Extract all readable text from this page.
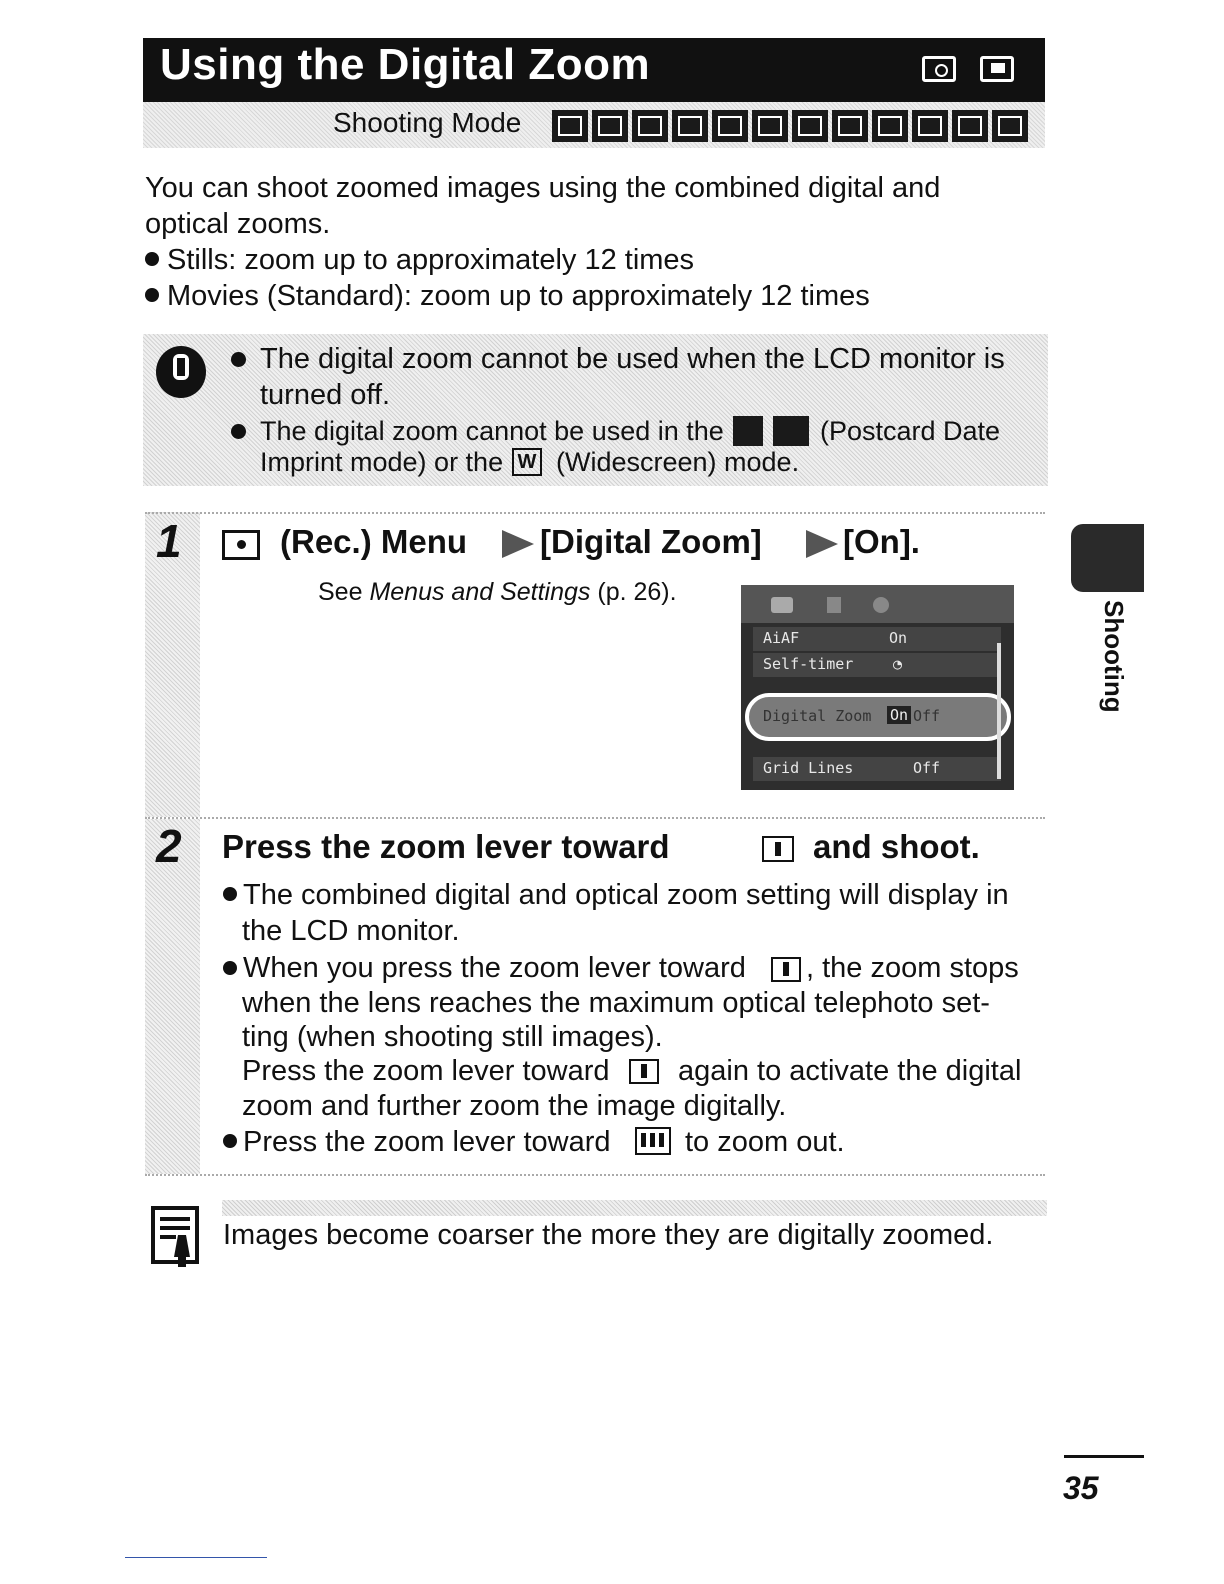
Using the Digital Zoom
Shooting Mode
You can shoot zoomed images using the combined digital and
optical zooms.
Stills: zoom up to approximately 12 times
Movies (Standard): zoom up to approximately 12 times
The digital zoom cannot be used when the LCD monitor is
turned off.
The digital zoom cannot be used in the	(Postcard Date
Imprint mode) or the W (Widescreen) mode.
1	(Rec.) Menu [Digital Zoom] [On].
See Menus and Settings (p. 26).
AiAF	On
Self-timer	◔
Digital Zoom On Off
Grid Lines	Off
2 Press the zoom lever toward	and shoot.
The combined digital and optical zoom setting will display in
the LCD monitor.
When you press the zoom lever toward , the zoom stops
when the lens reaches the maximum optical telephoto set-
ting (when shooting still images).
Press the zoom lever toward again to activate the digital
zoom and further zoom the image digitally.
Press the zoom lever toward	to zoom out.
Images become coarser the more they are digitally zoomed.
Shooting
35
